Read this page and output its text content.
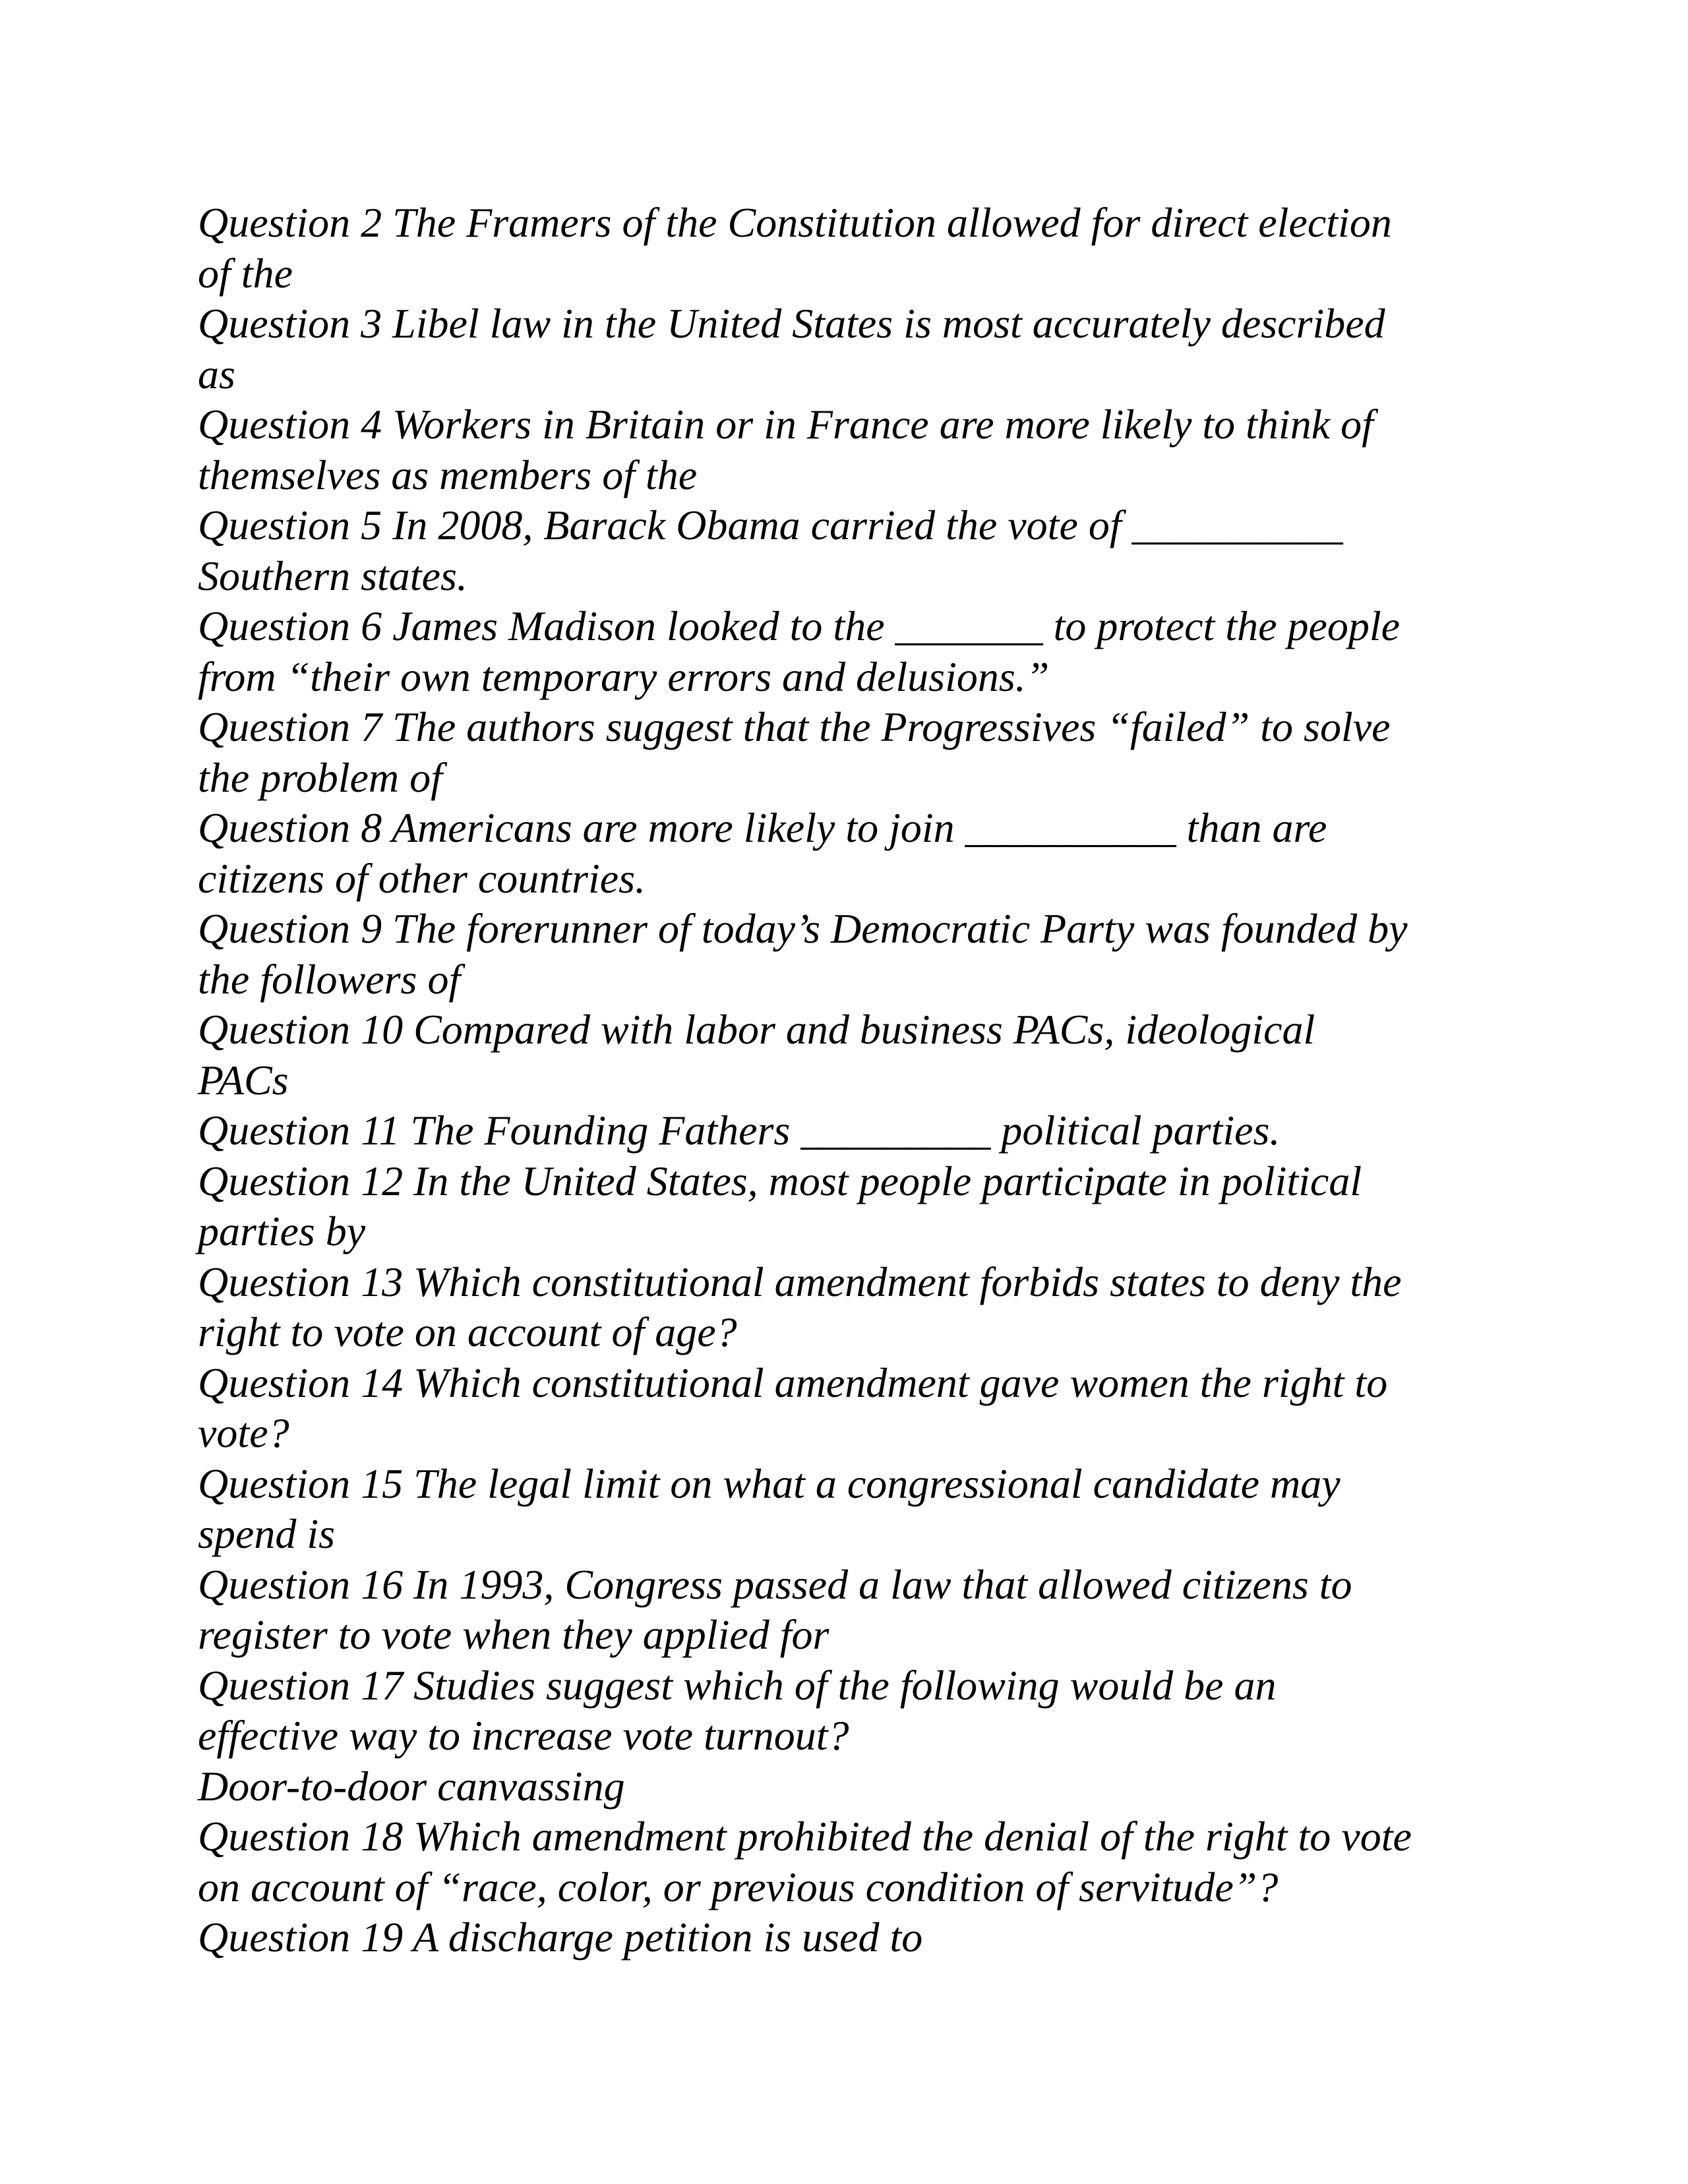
Question 2 The Framers of the Constitution allowed for direct election
of the
Question 3 Libel law in the United States is most accurately described
as
Question 4 Workers in Britain or in France are more likely to think of
themselves as members of the
Question 5 In 2008, Barack Obama carried the vote of __________
Southern states.
Question 6 James Madison looked to the _______ to protect the people
from “their own temporary errors and delusions.”
Question 7 The authors suggest that the Progressives “failed” to solve
the problem of
Question 8 Americans are more likely to join __________ than are
citizens of other countries.
Question 9 The forerunner of today’s Democratic Party was founded by
the followers of
Question 10 Compared with labor and business PACs, ideological
PACs
Question 11 The Founding Fathers _________ political parties.
Question 12 In the United States, most people participate in political
parties by
Question 13 Which constitutional amendment forbids states to deny the
right to vote on account of age?
Question 14 Which constitutional amendment gave women the right to
vote?
Question 15 The legal limit on what a congressional candidate may
spend is
Question 16 In 1993, Congress passed a law that allowed citizens to
register to vote when they applied for
Question 17 Studies suggest which of the following would be an
effective way to increase vote turnout?
Door-to-door canvassing
Question 18 Which amendment prohibited the denial of the right to vote
on account of “race, color, or previous condition of servitude”?
Question 19 A discharge petition is used to
